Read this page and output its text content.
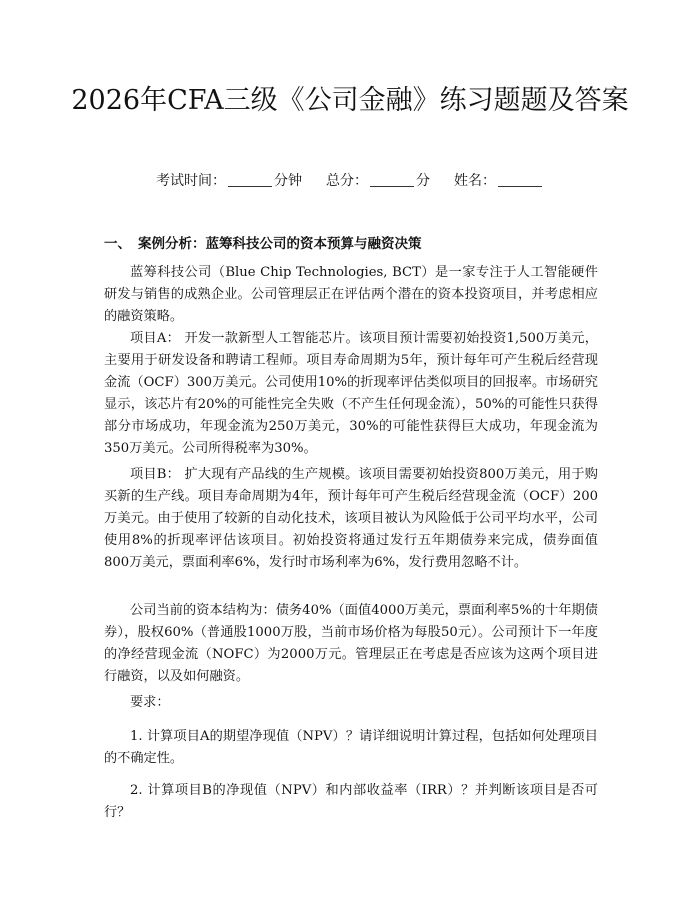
2026年CFA三级《公司金融》练习题题及答案
考试时间：	分钟 总分：	分 姓名：
一、 案例分析：蓝筹科技公司的资本预算与融资决策

蓝筹科技公司（Blue Chip Technologies, BCT）是一家专注于人工智能硬件研发与销售的成熟企业。公司管理层正在评估两个潜在的资本投资项目，并考虑相应的融资策略。

项目A： 开发一款新型人工智能芯片。该项目预计需要初始投资1,500万美元，主要用于研发设备和聘请工程师。项目寿命周期为5年，预计每年可产生税后经营现金流（OCF）300万美元。公司使用10%的折现率评估类似项目的回报率。市场研究显示，该芯片有20%的可能性完全失败（不产生任何现金流），50%的可能性只获得部分市场成功，年现金流为250万美元，30%的可能性获得巨大成功，年现金流为350万美元。公司所得税率为30%。

项目B： 扩大现有产品线的生产规模。该项目需要初始投资800万美元，用于购买新的生产线。项目寿命周期为4年，预计每年可产生税后经营现金流（OCF）200万美元。由于使用了较新的自动化技术，该项目被认为风险低于公司平均水平，公司使用8%的折现率评估该项目。初始投资将通过发行五年期债券来完成，债券面值800万美元，票面利率6%，发行时市场利率为6%，发行费用忽略不计。

公司当前的资本结构为：债务40%（面值4000万美元，票面利率5%的十年期债券），股权60%（普通股1000万股，当前市场价格为每股50元）。公司预计下一年度的净经营现金流（NOFC）为2000万元。管理层正在考虑是否应该为这两个项目进行融资，以及如何融资。

要求：

1. 计算项目A的期望净现值（NPV）？请详细说明计算过程，包括如何处理项目的不确定性。

2. 计算项目B的净现值（NPV）和内部收益率（IRR）？并判断该项目是否可行？
